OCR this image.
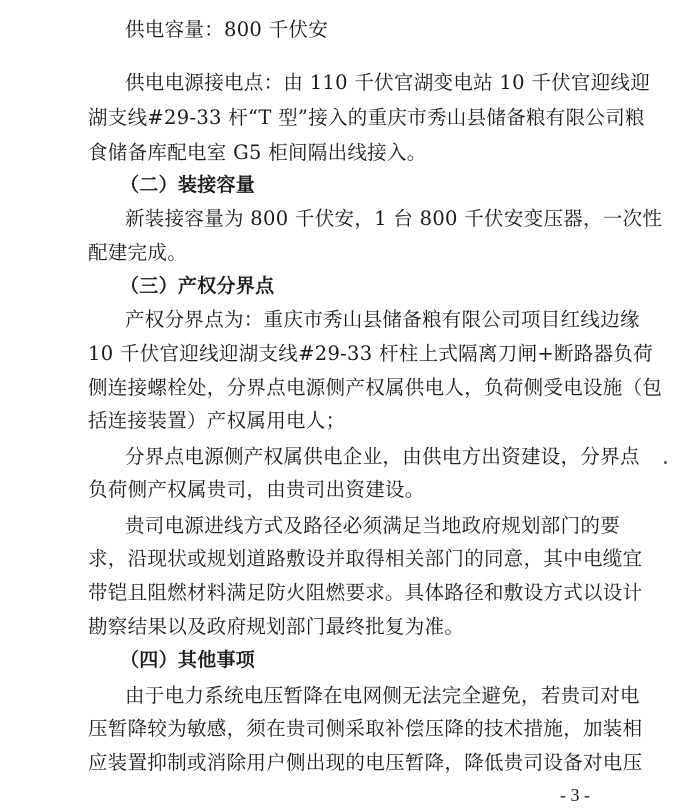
供电容量：800 千伏安
供电电源接电点：由 110 千伏官湖变电站 10 千伏官迎线迎
湖支线#29-33 杆“T 型”接入的重庆市秀山县储备粮有限公司粮
食储备库配电室 G5 柜间隔出线接入。
（二）装接容量
新装接容量为 800 千伏安，1 台 800 千伏安变压器，一次性
配建完成。
（三）产权分界点
产权分界点为：重庆市秀山县储备粮有限公司项目红线边缘
10 千伏官迎线迎湖支线#29-33 杆柱上式隔离刀闸+断路器负荷
侧连接螺栓处，分界点电源侧产权属供电人，负荷侧受电设施（包
括连接装置）产权属用电人；
分界点电源侧产权属供电企业，由供电方出资建设，分界点
负荷侧产权属贵司，由贵司出资建设。
贵司电源进线方式及路径必须满足当地政府规划部门的要
求，沿现状或规划道路敷设并取得相关部门的同意，其中电缆宜
带铠且阻燃材料满足防火阻燃要求。具体路径和敷设方式以设计
勘察结果以及政府规划部门最终批复为准。
（四）其他事项
由于电力系统电压暂降在电网侧无法完全避免，若贵司对电
压暂降较为敏感，须在贵司侧采取补偿压降的技术措施，加装相
应装置抑制或消除用户侧出现的电压暂降，降低贵司设备对电压
- 3 -
